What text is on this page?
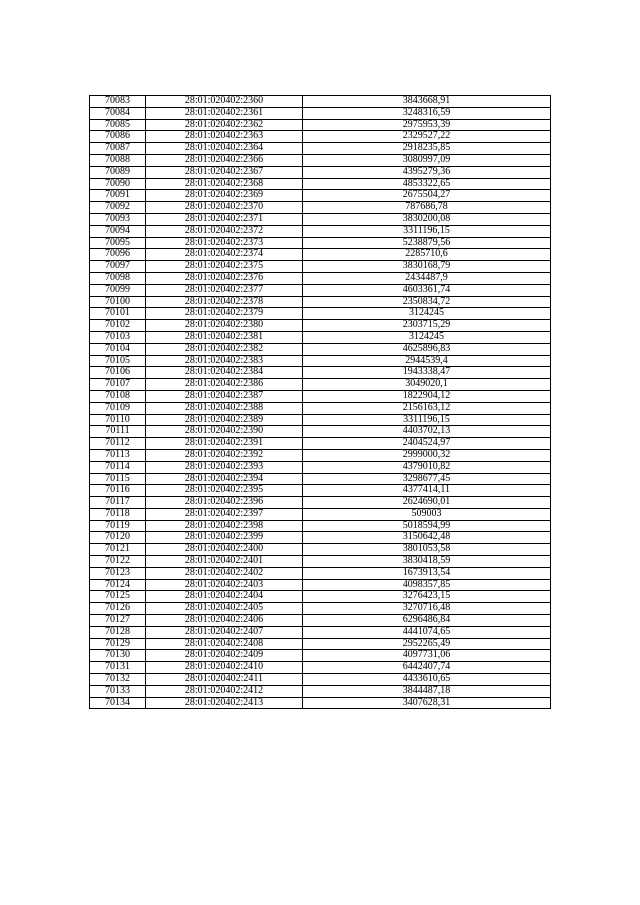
70083	28:01:020402:2360	3843668,91
70084	28:01:020402:2361	3248316,59
70085	28:01:020402:2362	2975953,39
70086	28:01:020402:2363	2329527,22
70087	28:01:020402:2364	2918235,85
70088	28:01:020402:2366	3080997,09
70089	28:01:020402:2367	4395279,36
70090	28:01:020402:2368	4853322,65
70091	28:01:020402:2369	2675504,27
70092	28:01:020402:2370	787686,78
70093	28:01:020402:2371	3830200,08
70094	28:01:020402:2372	3311196,15
70095	28:01:020402:2373	5238879,56
70096	28:01:020402:2374	2285710,6
70097	28:01:020402:2375	3830168,79
70098	28:01:020402:2376	2434487,9
70099	28:01:020402:2377	4603361,74
70100	28:01:020402:2378	2350834,72
70101	28:01:020402:2379	3124245
70102	28:01:020402:2380	2303715,29
70103	28:01:020402:2381	3124245
70104	28:01:020402:2382	4625896,83
70105	28:01:020402:2383	2944539,4
70106	28:01:020402:2384	1943338,47
70107	28:01:020402:2386	3049020,1
70108	28:01:020402:2387	1822904,12
70109	28:01:020402:2388	2156163,12
70110	28:01:020402:2389	3311196,15
70111	28:01:020402:2390	4403702,13
70112	28:01:020402:2391	2404524,97
70113	28:01:020402:2392	2999000,32
70114	28:01:020402:2393	4379010,82
70115	28:01:020402:2394	3298677,45
70116	28:01:020402:2395	4377414,11
70117	28:01:020402:2396	2624690,01
70118	28:01:020402:2397	509003
70119	28:01:020402:2398	5018594,99
70120	28:01:020402:2399	3150642,48
70121	28:01:020402:2400	3801053,58
70122	28:01:020402:2401	3830418,59
70123	28:01:020402:2402	1673913,54
70124	28:01:020402:2403	4098357,85
70125	28:01:020402:2404	3276423,15
70126	28:01:020402:2405	3270716,48
70127	28:01:020402:2406	6296486,84
70128	28:01:020402:2407	4441074,65
70129	28:01:020402:2408	2952265,49
70130	28:01:020402:2409	4097731,06
70131	28:01:020402:2410	6442407,74
70132	28:01:020402:2411	4433610,65
70133	28:01:020402:2412	3844487,18
70134	28:01:020402:2413	3407628,31
